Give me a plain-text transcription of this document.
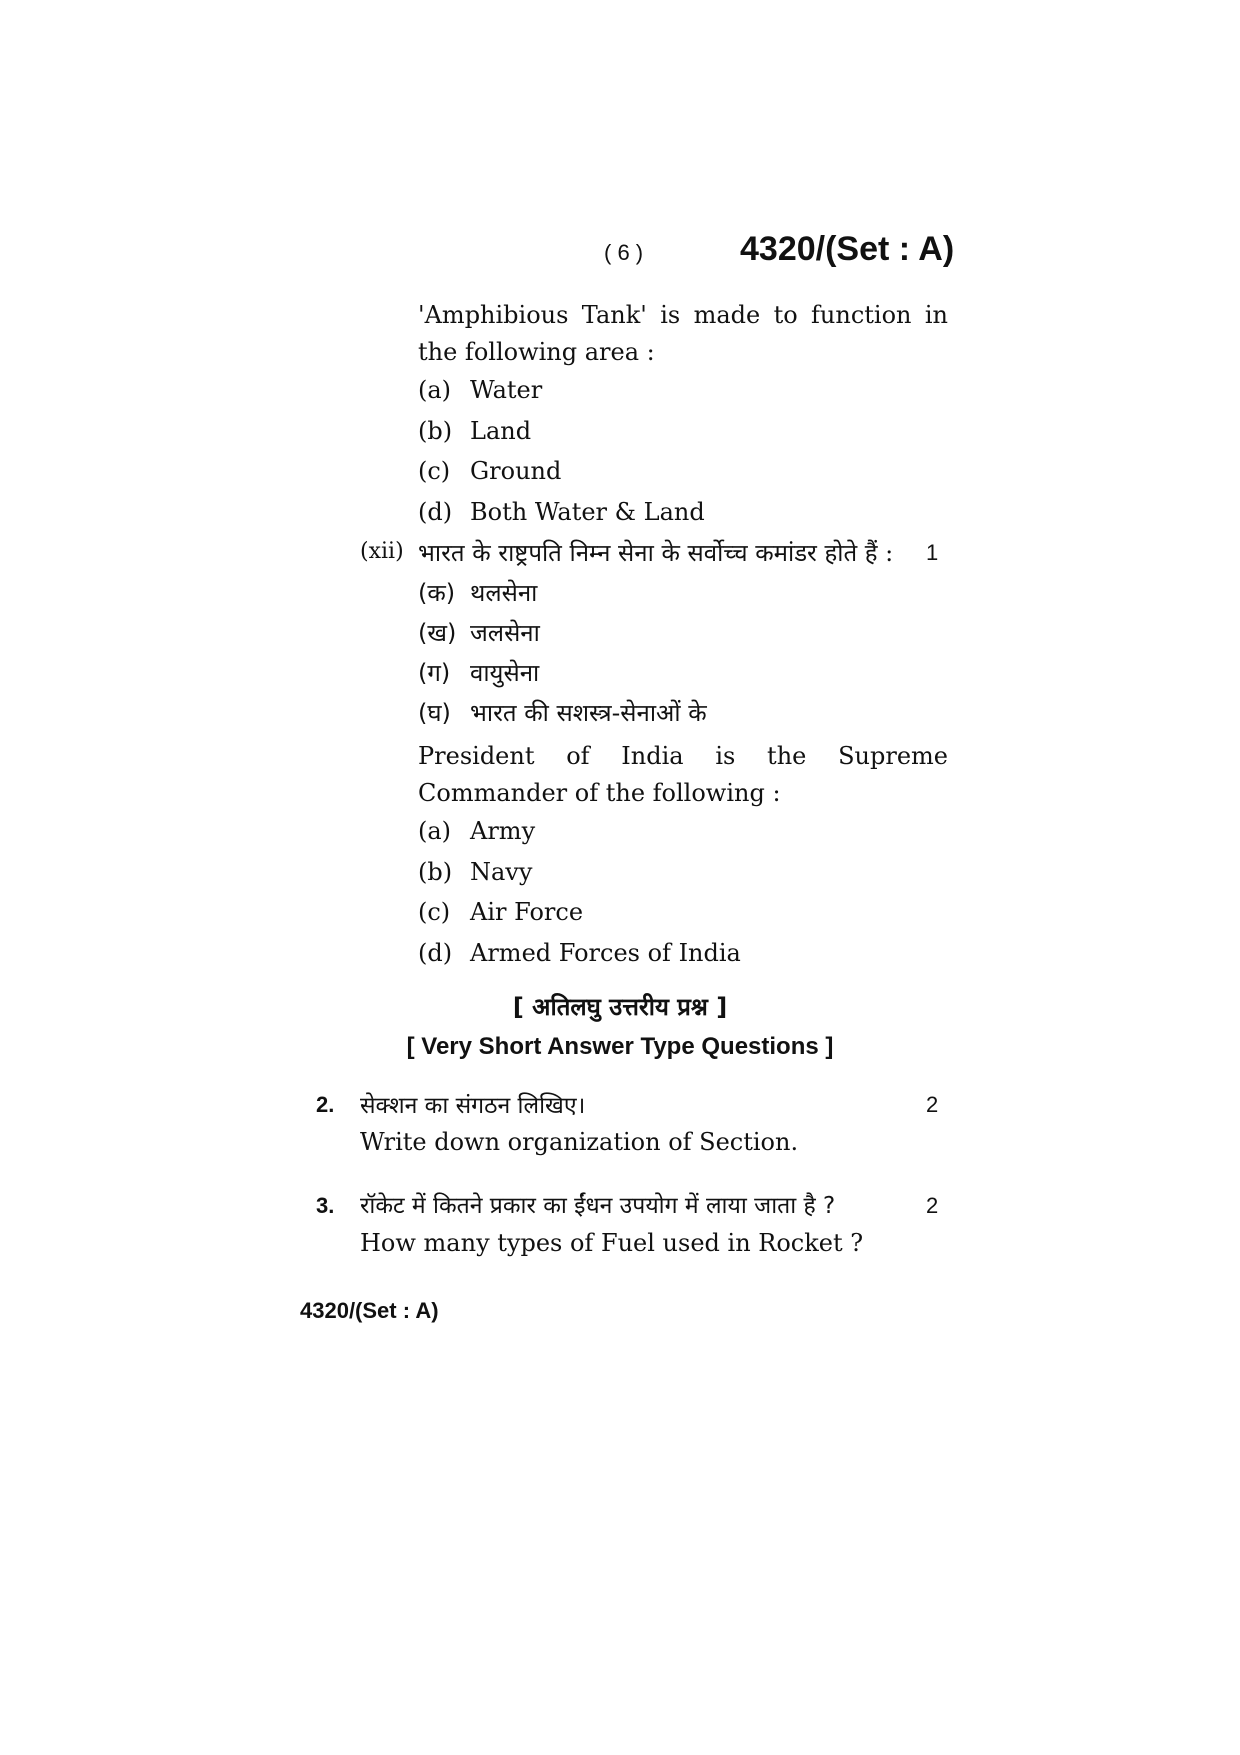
( 6 )	4320/(Set : A)
'Amphibious Tank' is made to function in
the following area :
(a) Water
(b) Land
(c) Ground
(d) Both Water & Land
(xii) भारत के राष्ट्रपति निम्न सेना के सर्वोच्च कमांडर होते हैं : 1
(क) थलसेना
(ख) जलसेना
(ग) वायुसेना
(घ) भारत की सशस्त्र-सेनाओं के
President of India is the Supreme
Commander of the following :
(a) Army
(b) Navy
(c) Air Force
(d) Armed Forces of India
[ अतिलघु उत्तरीय प्रश्न ]
[ Very Short Answer Type Questions ]
2. सेक्शन का संगठन लिखिए।	2
Write down organization of Section.
3. रॉकेट में कितने प्रकार का ईंधन उपयोग में लाया जाता है ?	2
How many types of Fuel used in Rocket ?
4320/(Set : A)
